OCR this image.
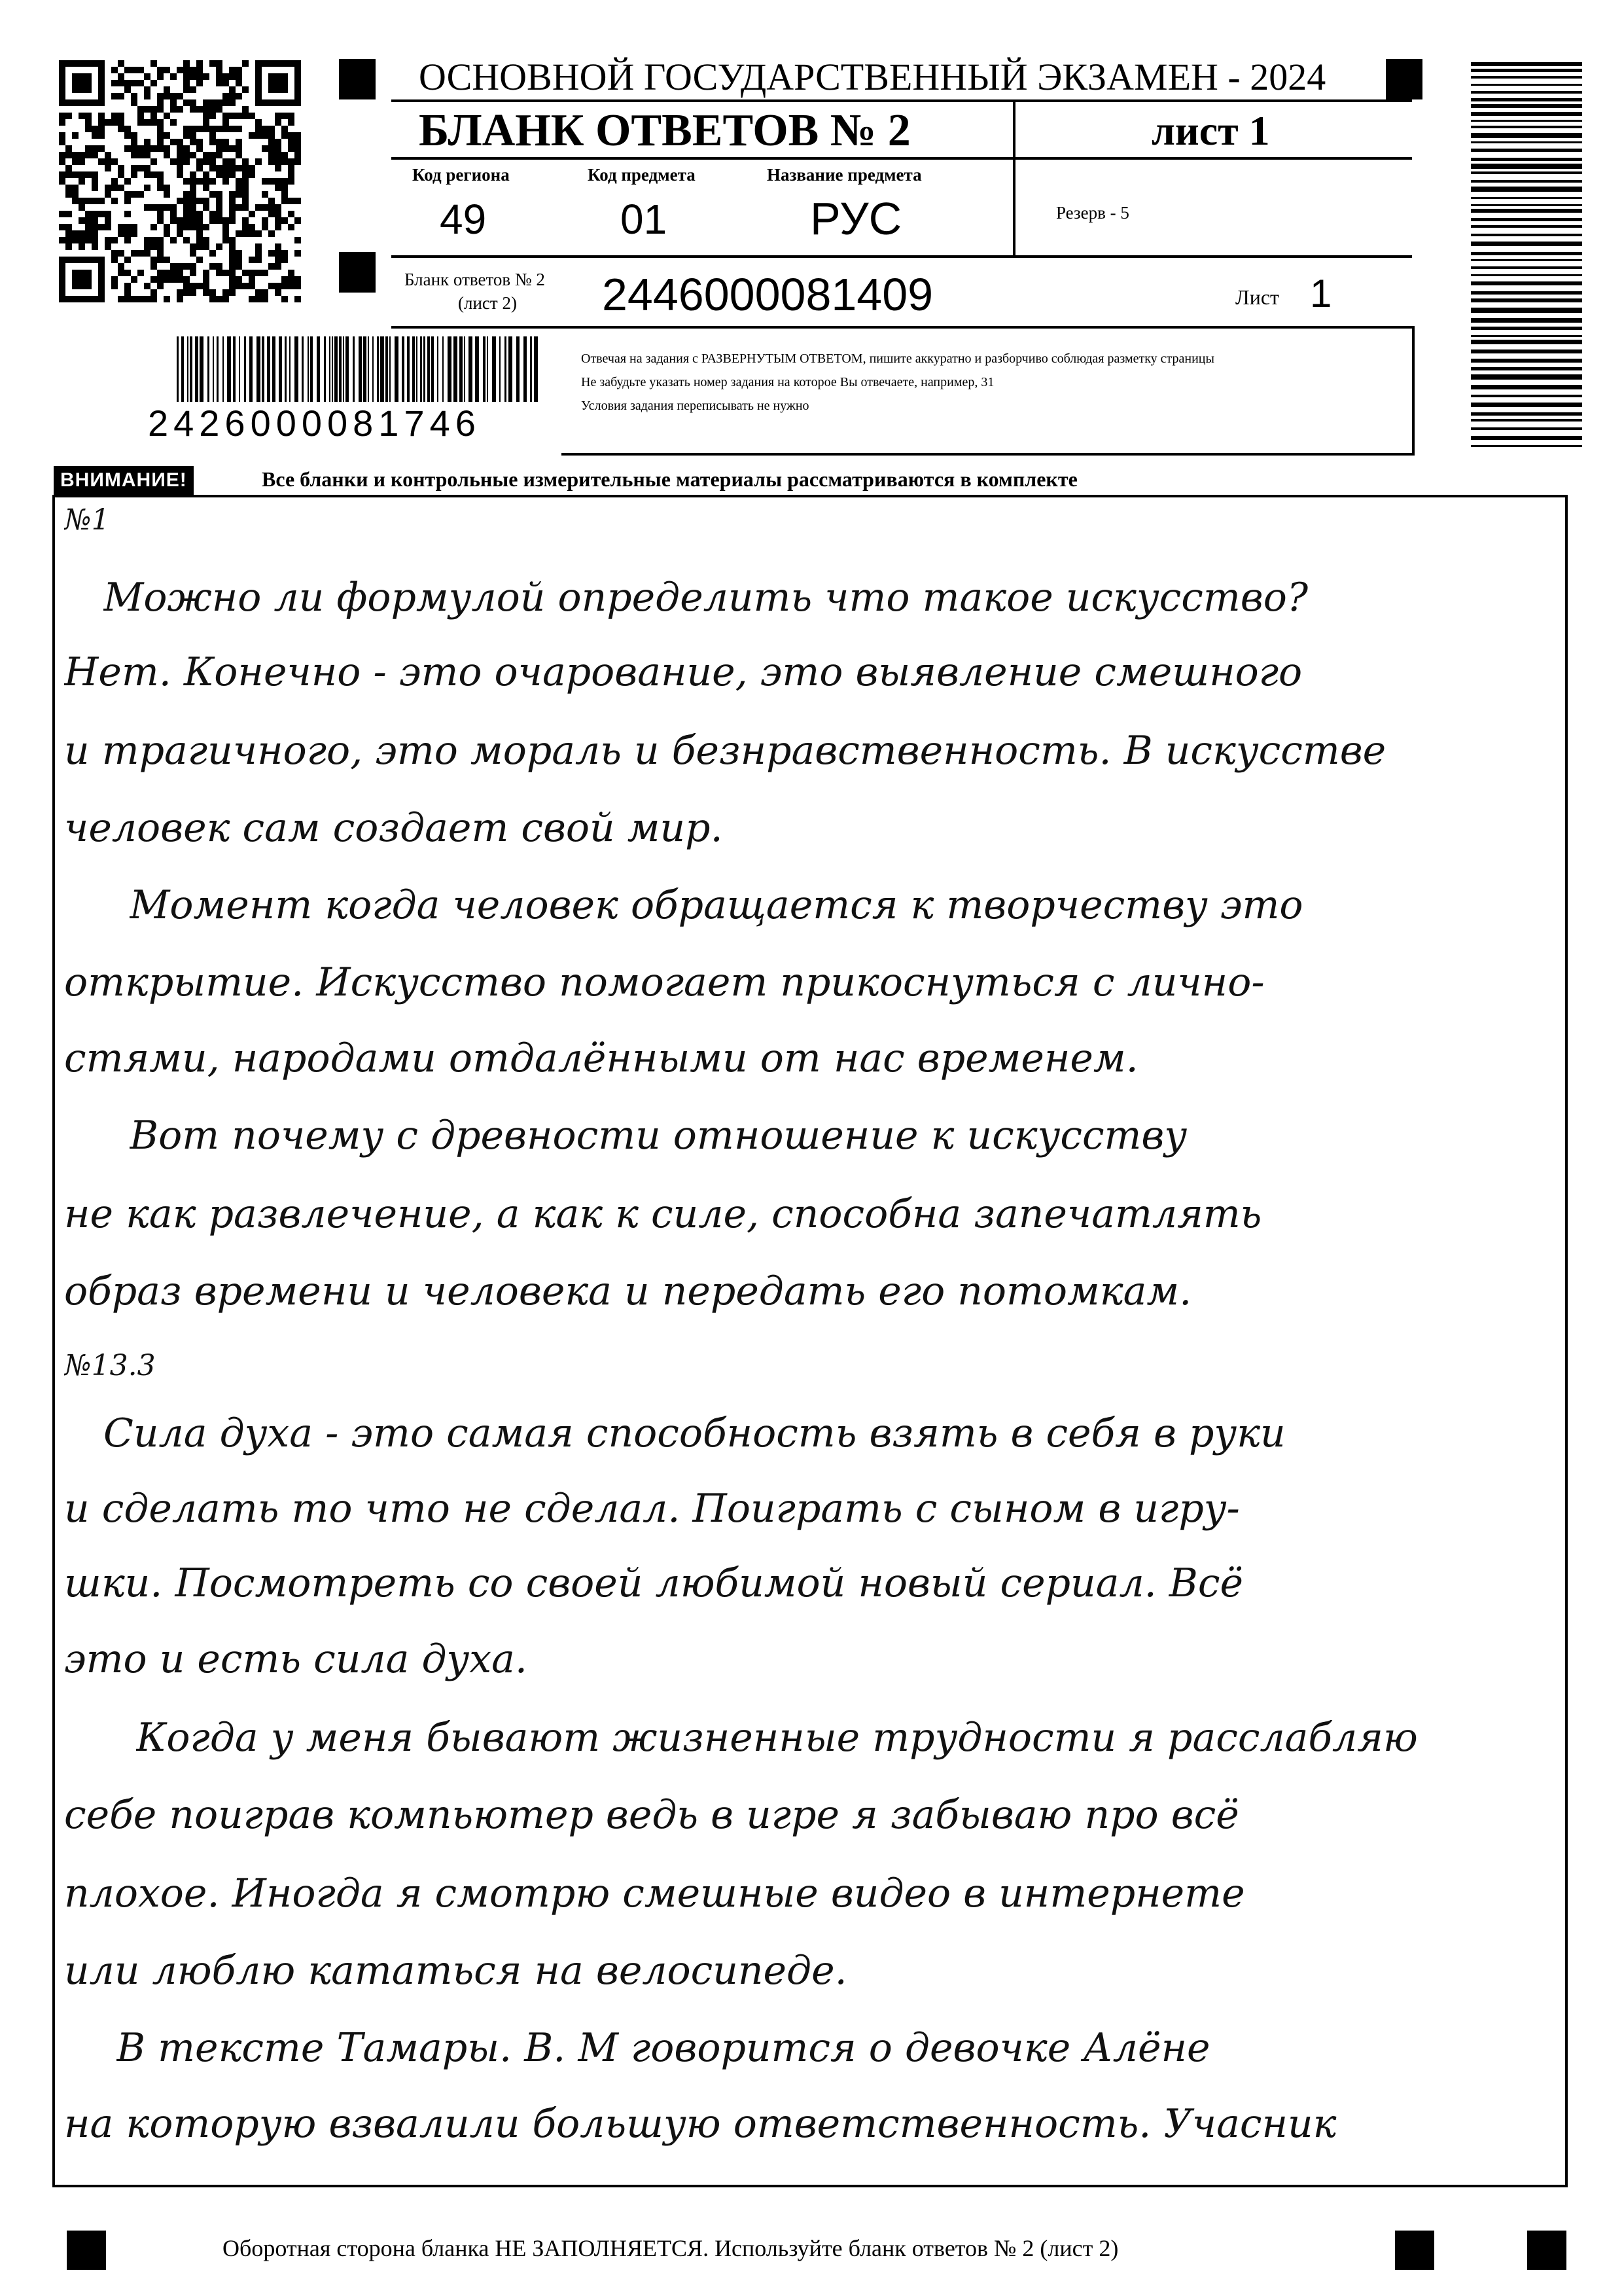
ОСНОВНОЙ ГОСУДАРСТВЕННЫЙ ЭКЗАМЕН - 2024
БЛАНК ОТВЕТОВ № 2	лист 1
Код региона
49
Код предмета
01
Название предмета
РУС	Резерв - 5
Бланк ответов № 2
(лист 2) 2446000081409	Лист 1
2426000081746
Отвечая на задания с РАЗВЕРНУТЫМ ОТВЕТОМ, пишите аккуратно и разборчиво соблюдая разметку страницы
Не забудьте указать номер задания на которое Вы отвечаете, например, 31
Условия задания переписывать не нужно
ВНИМАНИЕ!	Все бланки и контрольные измерительные материалы рассматриваются в комплекте
№1
Можно ли формулой определить что такое искусство?
Нет. Конечно - это очарование, это выявление смешного
и трагичного, это мораль и безнравственность. В искусстве
человек сам создает свой мир.
Момент когда человек обращается к творчеству это
открытие. Искусство помогает прикоснуться с лично-
стями, народами отдалёнными от нас временем.
Вот почему с древности отношение к искусству
не как развлечение, а как к силе, способна запечатлять
образ времени и человека и передать его потомкам.
№13.3
Сила духа - это самая способность взять в себя в руки
и сделать то что не сделал. Поиграть с сыном в игру-
шки. Посмотреть со своей любимой новый сериал. Всё
это и есть сила духа.
Когда у меня бывают жизненные трудности я расслабляю
себе поиграв компьютер ведь в игре я забываю про всё
плохое. Иногда я смотрю смешные видео в интернете
или люблю кататься на велосипеде.
В тексте Тамары. В. М говорится о девочке Алёне
на которую взвалили большую ответственность. Учасник
Оборотная сторона бланка НЕ ЗАПОЛНЯЕТСЯ. Используйте бланк ответов № 2 (лист 2)
